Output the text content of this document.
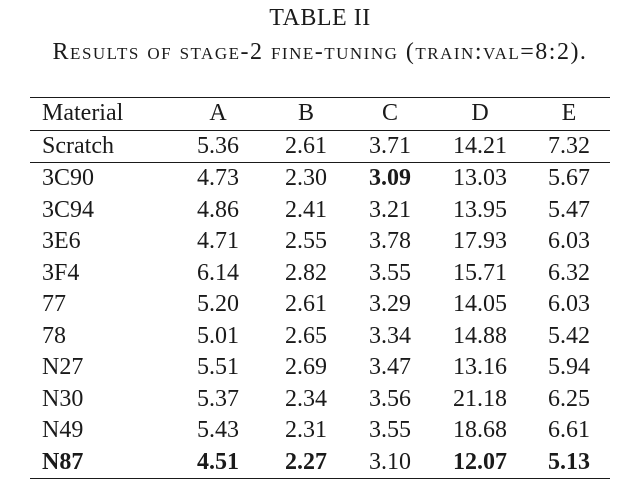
TABLE II
Results of stage-2 fine-tuning (train:val=8:2).
Material	A	B	C	D	E
Scratch	5.36	2.61	3.71	14.21	7.32
3C90	4.73	2.30	3.09	13.03	5.67
3C94	4.86	2.41	3.21	13.95	5.47
3E6	4.71	2.55	3.78	17.93	6.03
3F4	6.14	2.82	3.55	15.71	6.32
77	5.20	2.61	3.29	14.05	6.03
78	5.01	2.65	3.34	14.88	5.42
N27	5.51	2.69	3.47	13.16	5.94
N30	5.37	2.34	3.56	21.18	6.25
N49	5.43	2.31	3.55	18.68	6.61
N87	4.51	2.27	3.10	12.07	5.13
